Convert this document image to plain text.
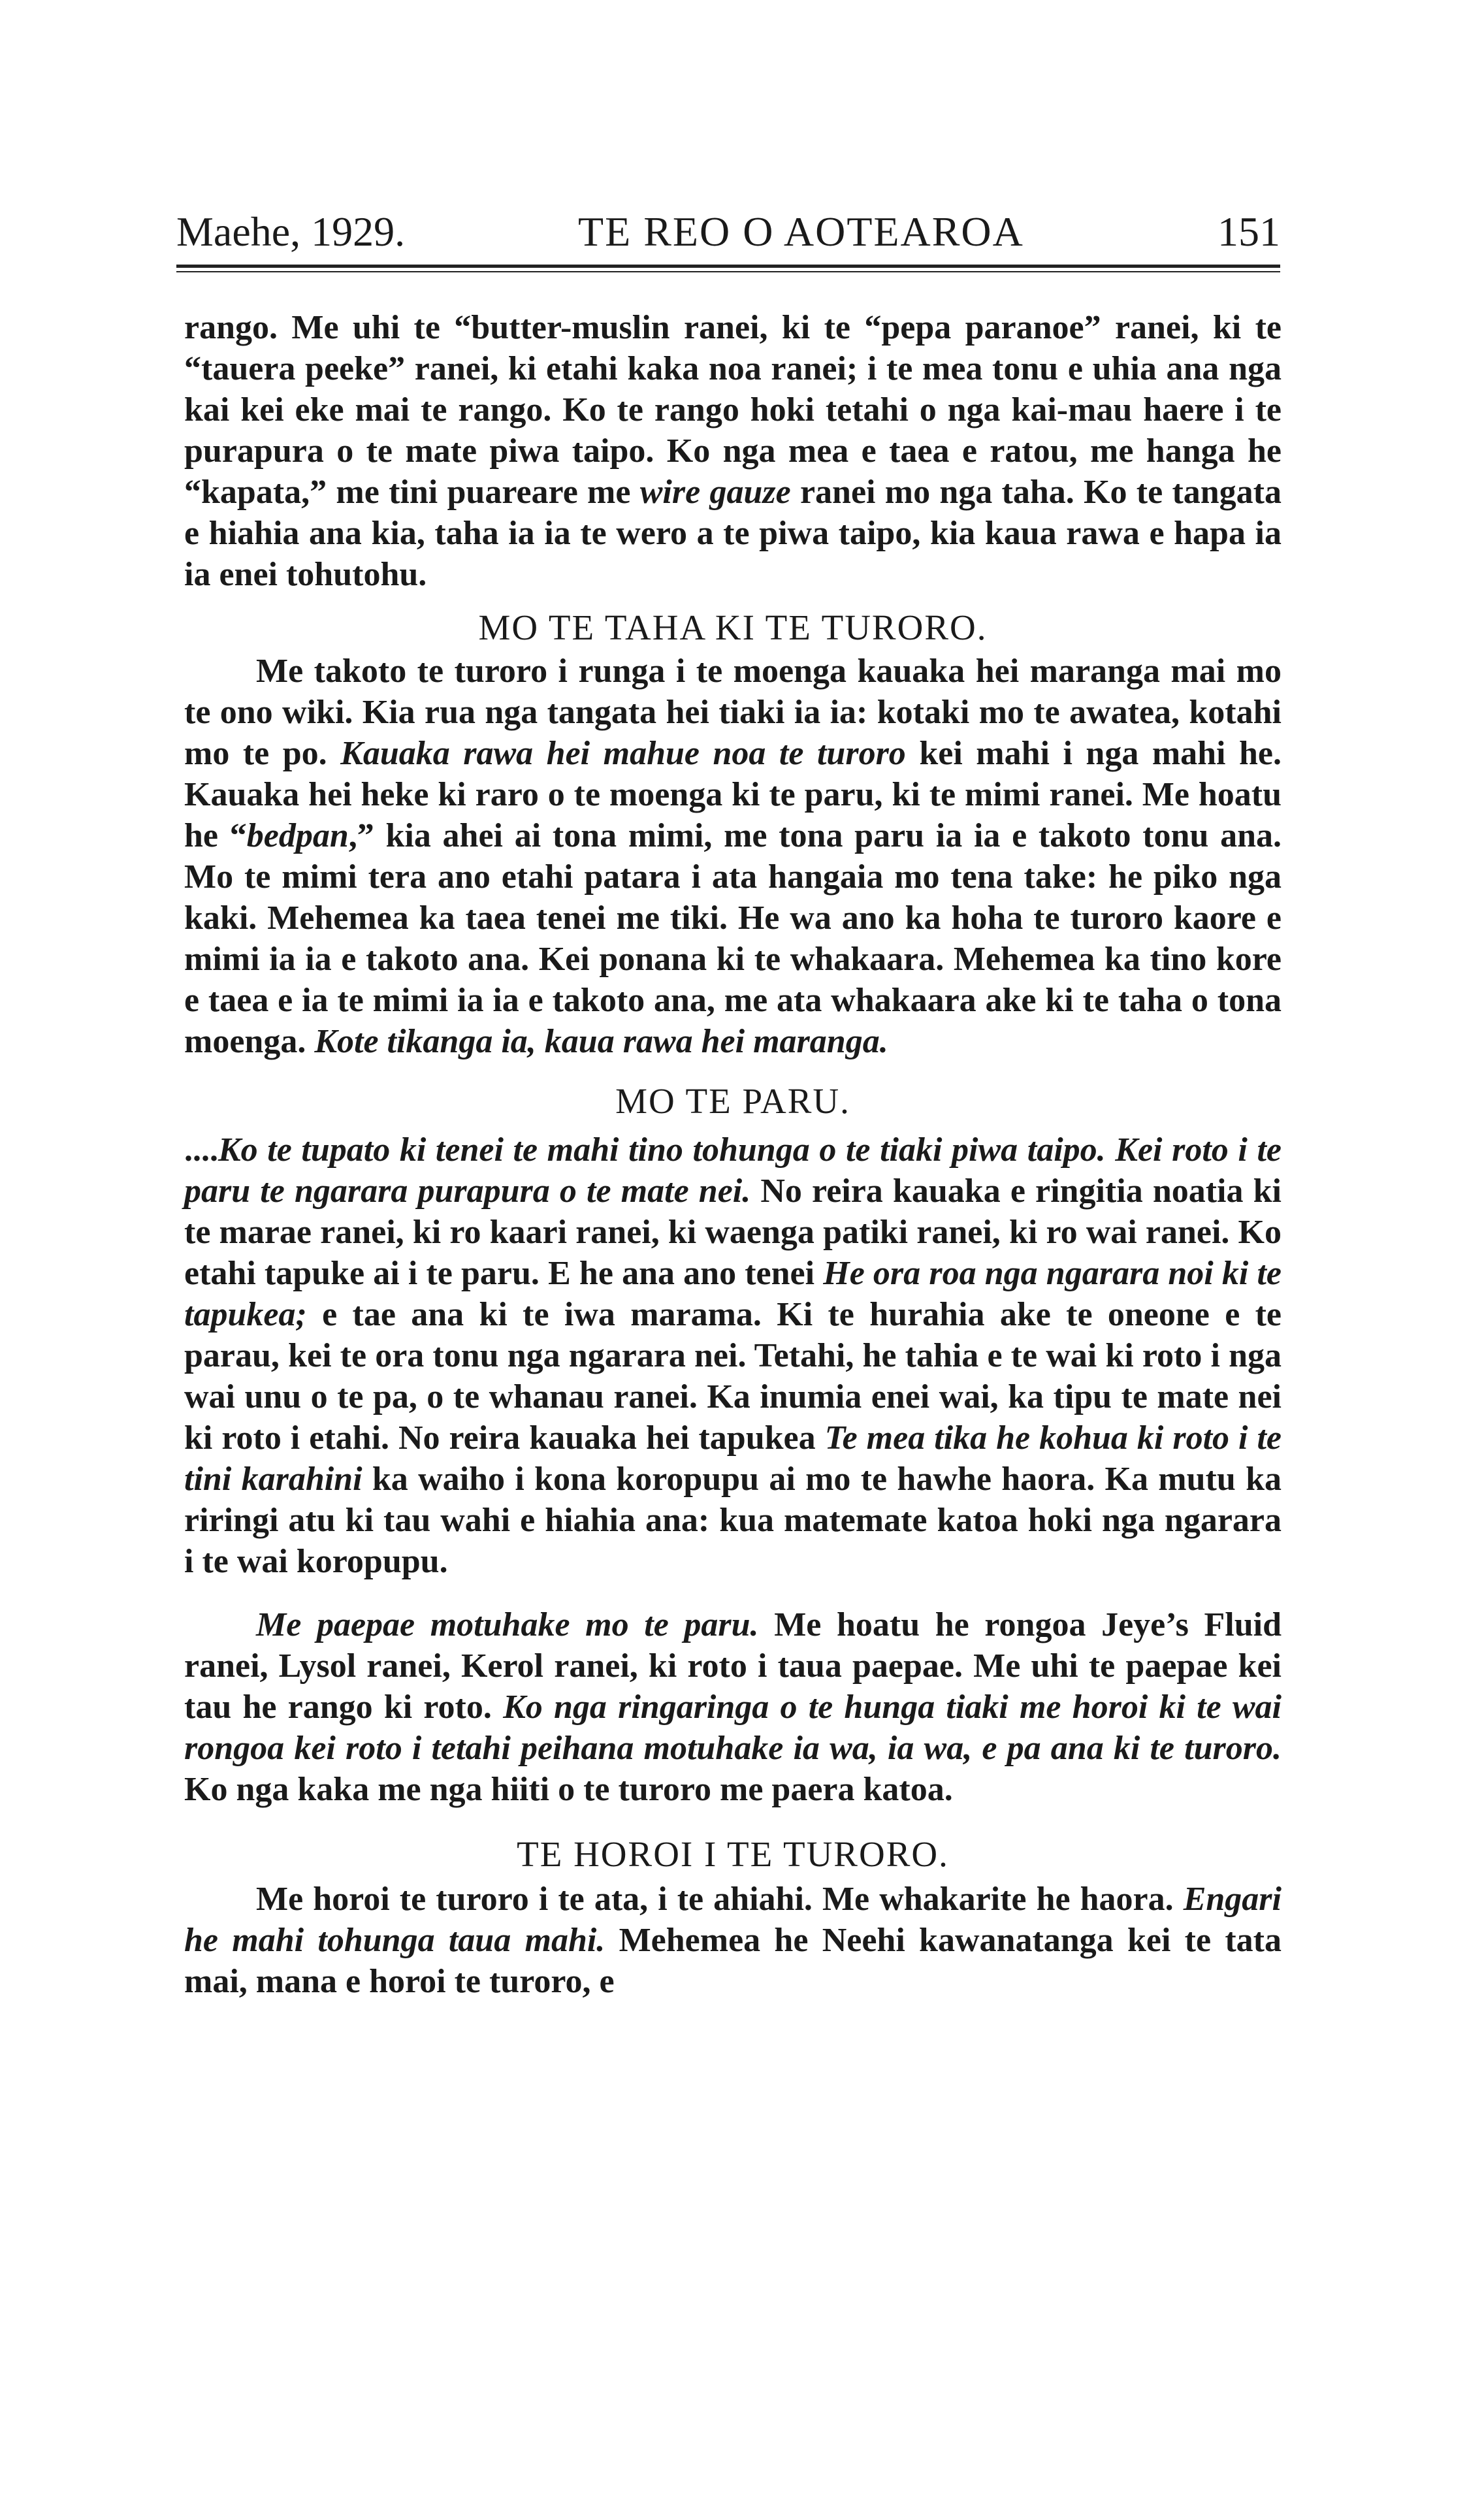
Maehe, 1929.	TE REO O AOTEAROA	151

rango. Me uhi te “butter-muslin ranei, ki te “pepa paranoe” ranei, ki te “tauera peeke” ranei, ki etahi kaka noa ranei; i te mea tonu e uhia ana nga kai kei eke mai te rango. Ko te rango hoki tetahi o nga kai-mau haere i te purapura o te mate piwa taipo. Ko nga mea e taea e ratou, me hanga he “kapata,” me tini puareare me wire gauze ranei mo nga taha. Ko te tangata e hiahia ana kia, taha ia ia te wero a te piwa taipo, kia kaua rawa e hapa ia ia enei tohutohu.

MO TE TAHA KI TE TURORO.

Me takoto te turoro i runga i te moenga kauaka hei maranga mai mo te ono wiki. Kia rua nga tangata hei tiaki ia ia: kotaki mo te awatea, kotahi mo te po. Kauaka rawa hei mahue noa te turoro kei mahi i nga mahi he. Kauaka hei heke ki raro o te moenga ki te paru, ki te mimi ranei. Me hoatu he “bedpan,” kia ahei ai tona mimi, me tona paru ia ia e takoto tonu ana. Mo te mimi tera ano etahi patara i ata hangaia mo tena take: he piko nga kaki. Mehemea ka taea tenei me tiki. He wa ano ka hoha te turoro kaore e mimi ia ia e takoto ana. Kei ponana ki te whakaara. Mehemea ka tino kore e taea e ia te mimi ia ia e takoto ana, me ata whakaara ake ki te taha o tona moenga. Kote tikanga ia, kaua rawa hei maranga.

MO TE PARU.

....Ko te tupato ki tenei te mahi tino tohunga o te tiaki piwa taipo. Kei roto i te paru te ngarara purapura o te mate nei. No reira kauaka e ringitia noatia ki te marae ranei, ki ro kaari ranei, ki waenga patiki ranei, ki ro wai ranei. Ko etahi tapuke ai i te paru. E he ana ano tenei He ora roa nga ngarara noi ki te tapukea; e tae ana ki te iwa marama. Ki te hurahia ake te oneone e te parau, kei te ora tonu nga ngarara nei. Tetahi, he tahia e te wai ki roto i nga wai unu o te pa, o te whanau ranei. Ka inumia enei wai, ka tipu te mate nei ki roto i etahi. No reira kauaka hei tapukea Te mea tika he kohua ki roto i te tini karahini ka waiho i kona koropupu ai mo te hawhe haora. Ka mutu ka riringi atu ki tau wahi e hiahia ana: kua matemate katoa hoki nga ngarara i te wai koropupu.

Me paepae motuhake mo te paru. Me hoatu he rongoa Jeye’s Fluid ranei, Lysol ranei, Kerol ranei, ki roto i taua paepae. Me uhi te paepae kei tau he rango ki roto. Ko nga ringaringa o te hunga tiaki me horoi ki te wai rongoa kei roto i tetahi peihana motuhake ia wa, ia wa, e pa ana ki te turoro. Ko nga kaka me nga hiiti o te turoro me paera katoa.

TE HOROI I TE TURORO.

Me horoi te turoro i te ata, i te ahiahi. Me whakarite he haora. Engari he mahi tohunga taua mahi. Mehemea he Neehi kawanatanga kei te tata mai, mana e horoi te turoro, e
